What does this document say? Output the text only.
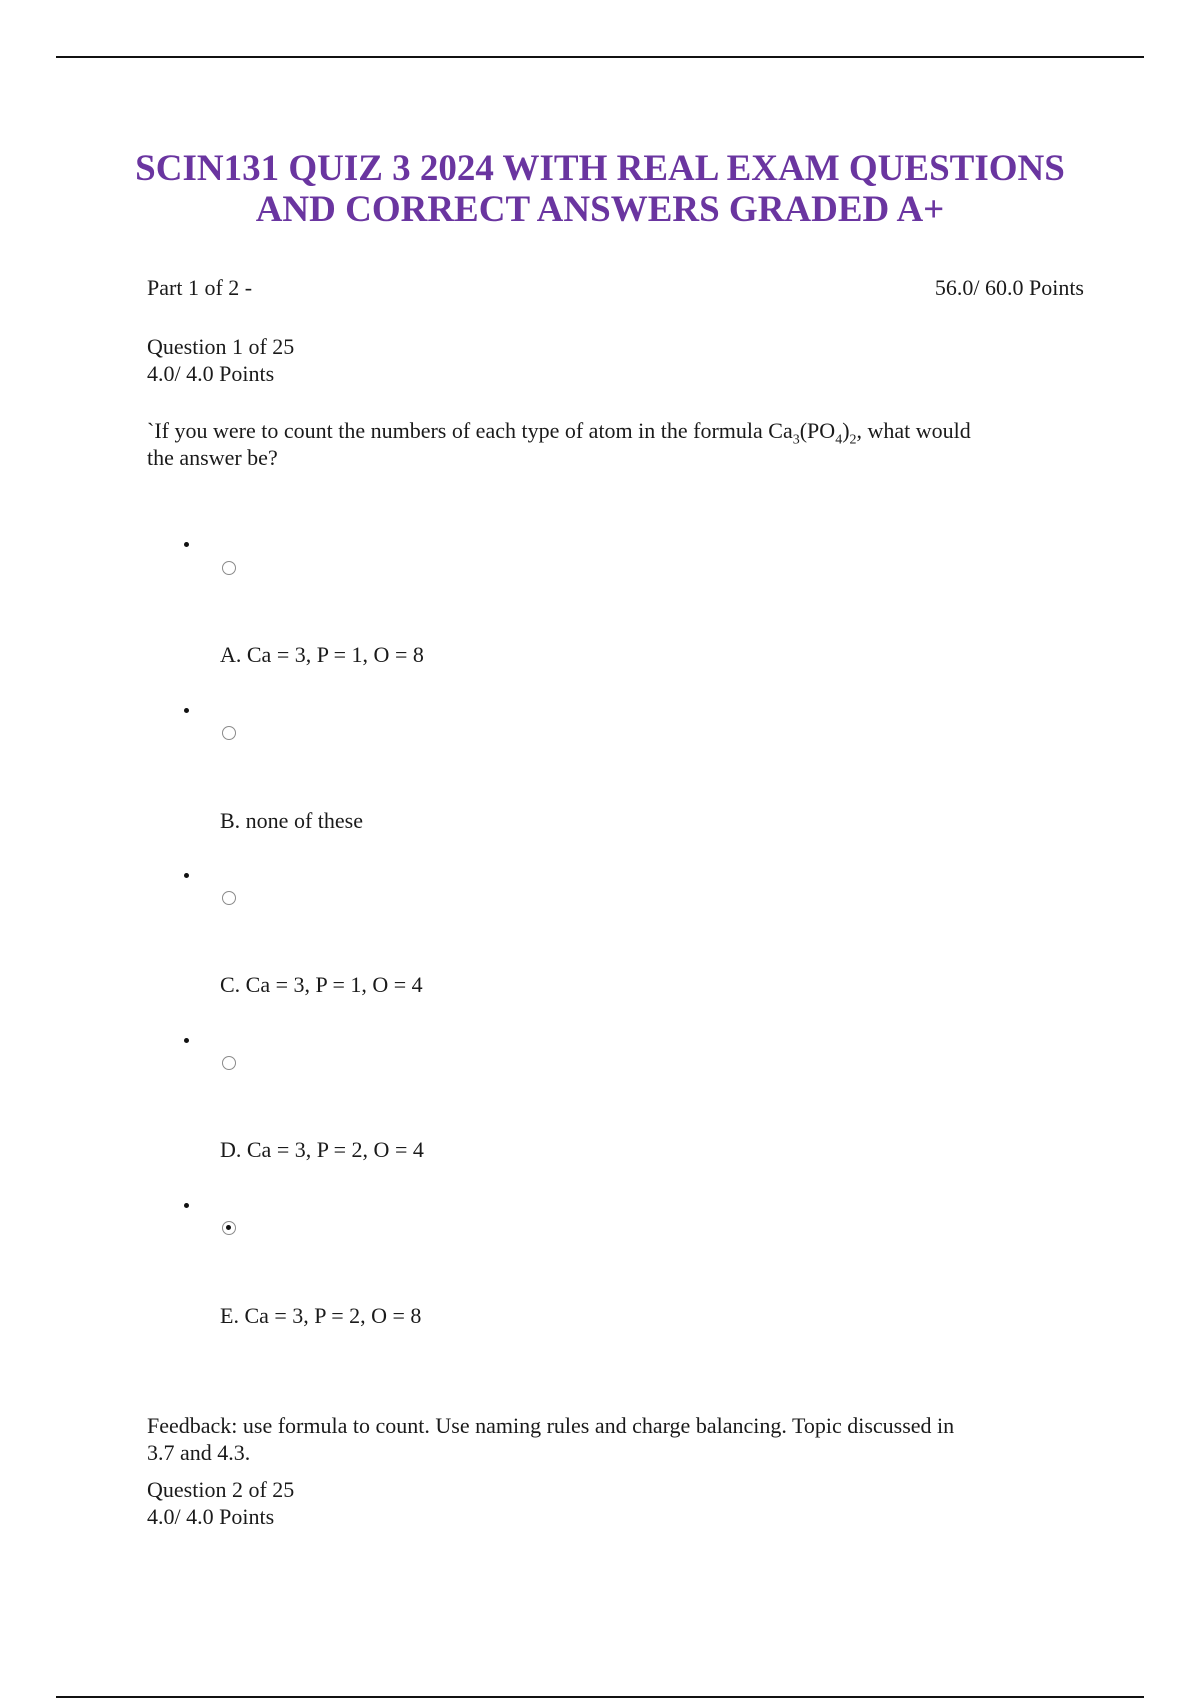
SCIN131 QUIZ 3 2024 WITH REAL EXAM QUESTIONS
AND CORRECT ANSWERS GRADED A+
Part 1 of 2 -	56.0/ 60.0 Points
Question 1 of 25
4.0/ 4.0 Points
`If you were to count the numbers of each type of atom in the formula $Ca_3(PO_4)_2$, what would
the answer be?
A. Ca = 3, P = 1, O = 8
B. none of these
C. Ca = 3, P = 1, O = 4
D. Ca = 3, P = 2, O = 4
E. Ca = 3, P = 2, O = 8
Feedback: use formula to count. Use naming rules and charge balancing. Topic discussed in
3.7 and 4.3.
Question 2 of 25
4.0/ 4.0 Points
